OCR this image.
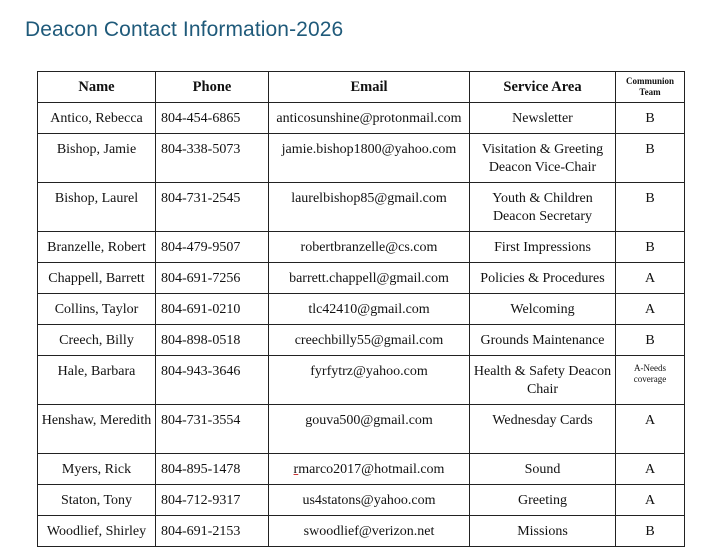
Deacon Contact Information-2026
Name	Phone	Email	Service Area	Communion
Team
Antico, Rebecca	804-454-6865	anticosunshine@protonmail.com	Newsletter	B
Bishop, Jamie	804-338-5073	jamie.bishop1800@yahoo.com	Visitation & Greeting Deacon Vice-Chair	B
Bishop, Laurel	804-731-2545	laurelbishop85@gmail.com	Youth & Children Deacon Secretary	B
Branzelle, Robert	804-479-9507	robertbranzelle@cs.com	First Impressions	B
Chappell, Barrett	804-691-7256	barrett.chappell@gmail.com	Policies & Procedures	A
Collins, Taylor	804-691-0210	tlc42410@gmail.com	Welcoming	A
Creech, Billy	804-898-0518	creechbilly55@gmail.com	Grounds Maintenance	B
Hale, Barbara	804-943-3646	fyrfytrz@yahoo.com	Health & Safety Deacon Chair	A-Needs
coverage

Henshaw, Meredith	804-731-3554	gouva500@gmail.com	Wednesday Cards	A
Myers, Rick	804-895-1478	rmarco2017@hotmail.com	Sound	A
Staton, Tony	804-712-9317	us4statons@yahoo.com	Greeting	A
Woodlief, Shirley	804-691-2153	swoodlief@verizon.net	Missions	B
